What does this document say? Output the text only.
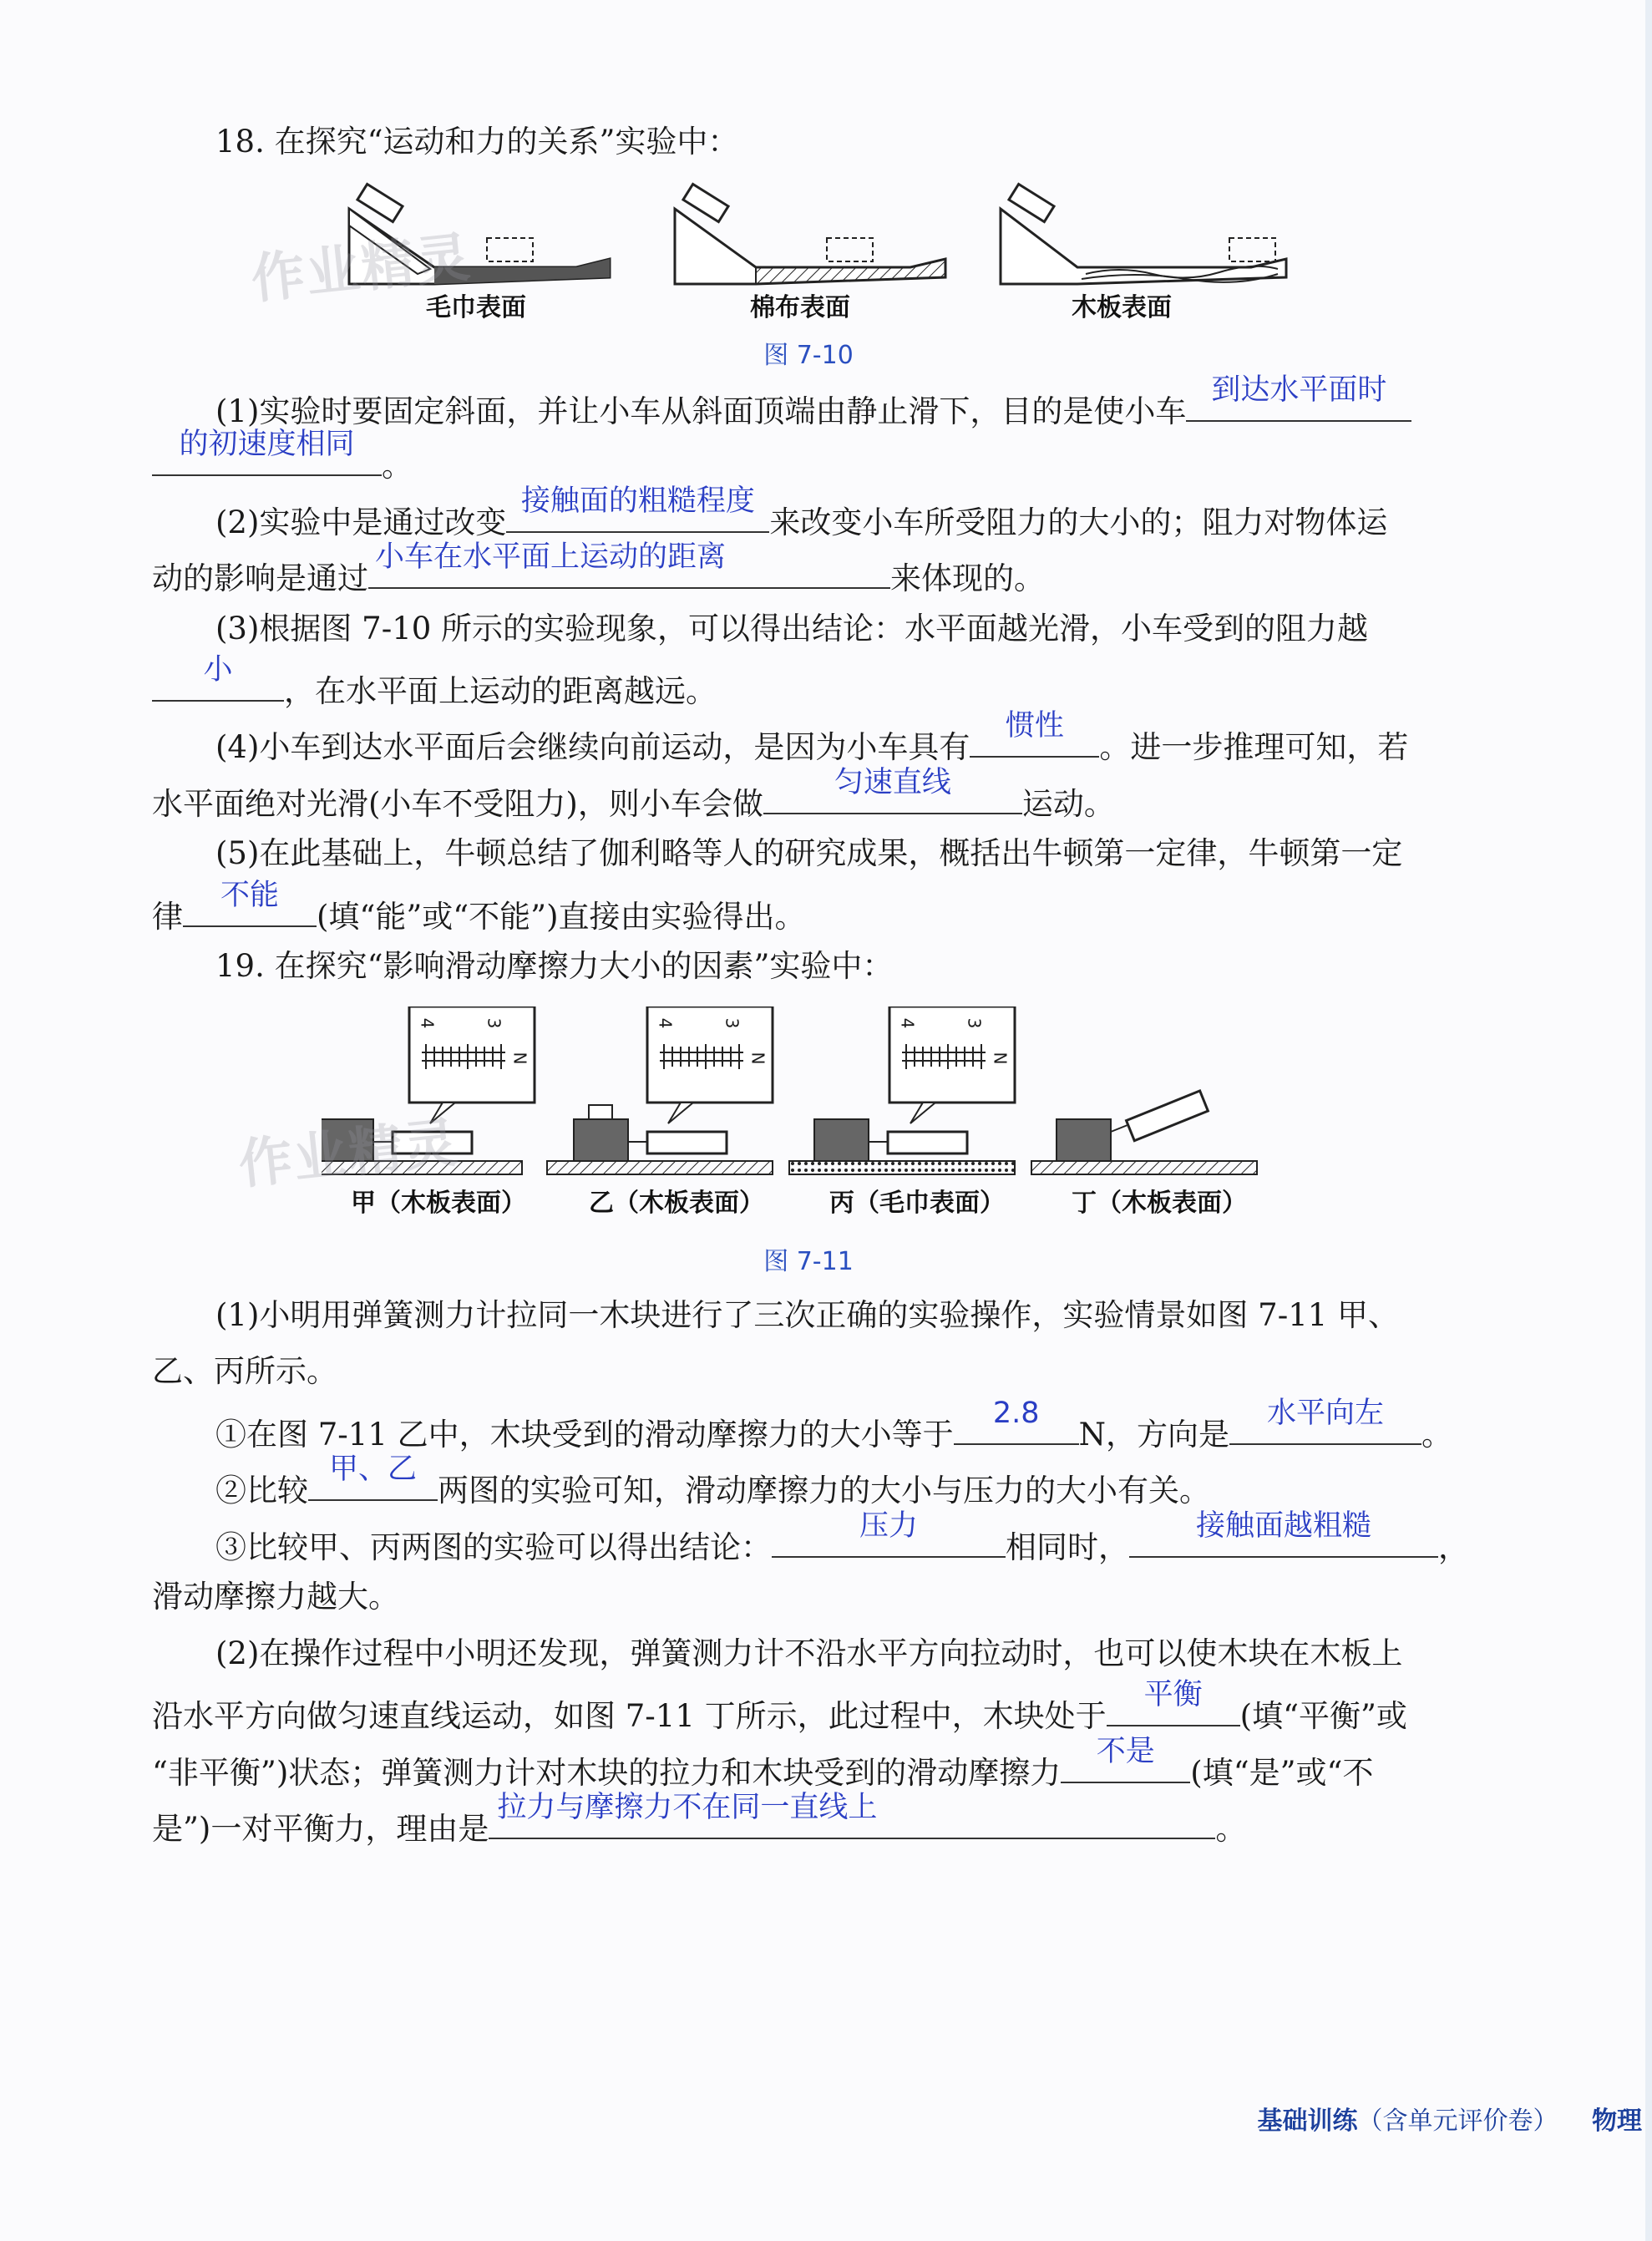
18. 在探究“运动和力的关系”实验中：
作业精灵
毛巾表面	棉布表面	木板表面
图 7-10
(1)实验时要固定斜面，并让小车从斜面顶端由静止滑下，目的是使小车
到达水平面时
的初速度相同
。
(2)实验中是通过改变
接触面的粗糙程度
来改变小车所受阻力的大小的；阻力对物体运
动的影响是通过
小车在水平面上运动的距离
来体现的。
(3)根据图 7-10 所示的实验现象，可以得出结论：水平面越光滑，小车受到的阻力越
小
，在水平面上运动的距离越远。
(4)小车到达水平面后会继续向前运动，是因为小车具有
惯性
。进一步推理可知，若
水平面绝对光滑(小车不受阻力)，则小车会做
匀速直线
运动。
(5)在此基础上，牛顿总结了伽利略等人的研究成果，概括出牛顿第一定律，牛顿第一定
律
不能
(填“能”或“不能”)直接由实验得出。
19. 在探究“影响滑动摩擦力大小的因素”实验中：
4	3
N
4	3
N
4	3
N
作业精灵
甲（木板表面）	乙（木板表面）	丙（毛巾表面）	丁（木板表面）
图 7-11
(1)小明用弹簧测力计拉同一木块进行了三次正确的实验操作，实验情景如图 7-11 甲、
乙、丙所示。
①在图 7-11 乙中，木块受到的滑动摩擦力的大小等于
2.8
N，方向是
水平向左
。
②比较
甲、乙
两图的实验可知，滑动摩擦力的大小与压力的大小有关。
③比较甲、丙两图的实验可以得出结论：
压力
相同时，
接触面越粗糙
，
滑动摩擦力越大。
(2)在操作过程中小明还发现，弹簧测力计不沿水平方向拉动时，也可以使木块在木板上
沿水平方向做匀速直线运动，如图 7-11 丁所示，此过程中，木块处于
平衡
(填“平衡”或
“非平衡”)状态；弹簧测力计对木块的拉力和木块受到的滑动摩擦力
不是
(填“是”或“不
是”)一对平衡力，理由是
拉力与摩擦力不在同一直线上
。
基础训练（含单元评价卷） 物理
